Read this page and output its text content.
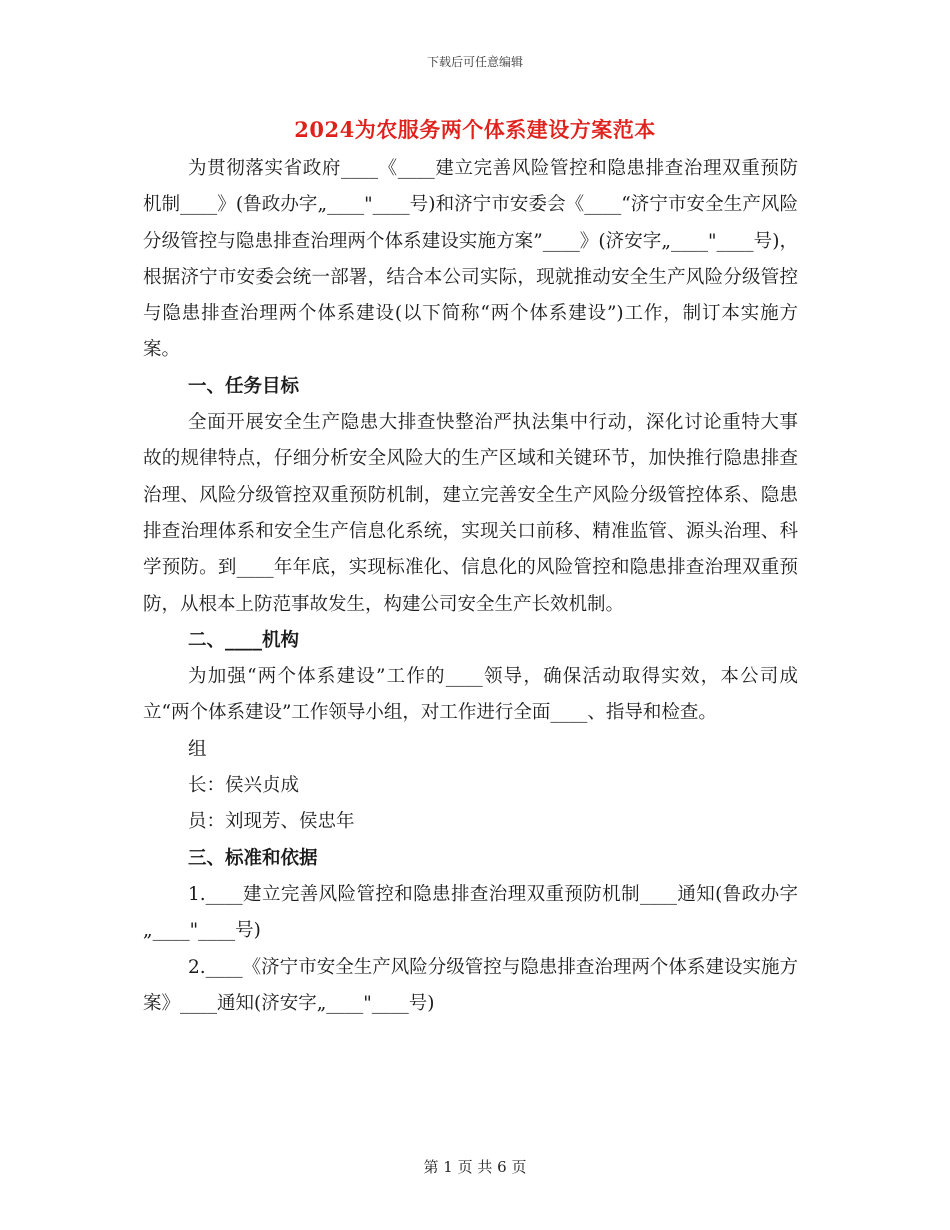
下载后可任意编辑
2024为农服务两个体系建设方案范本

为贯彻落实省政府____《____建立完善风险管控和隐患排查治理双重预防机制____》(鲁政办字„____"____号)和济宁市安委会《____“济宁市安全生产风险分级管控与隐患排查治理两个体系建设实施方案”____》(济安字„____"____号)，根据济宁市安委会统一部署，结合本公司实际，现就推动安全生产风险分级管控与隐患排查治理两个体系建设(以下简称“两个体系建设”)工作，制订本实施方案。

一、任务目标

全面开展安全生产隐患大排查快整治严执法集中行动，深化讨论重特大事故的规律特点，仔细分析安全风险大的生产区域和关键环节，加快推行隐患排查治理、风险分级管控双重预防机制，建立完善安全生产风险分级管控体系、隐患排查治理体系和安全生产信息化系统，实现关口前移、精准监管、源头治理、科学预防。到____年年底，实现标准化、信息化的风险管控和隐患排查治理双重预防，从根本上防范事故发生，构建公司安全生产长效机制。

二、____机构

为加强“两个体系建设”工作的____领导，确保活动取得实效，本公司成立“两个体系建设”工作领导小组，对工作进行全面____、指导和检查。

组

长：侯兴贞成

员：刘现芳、侯忠年

三、标准和依据

1.____建立完善风险管控和隐患排查治理双重预防机制____通知(鲁政办字„____"____号)

2.____《济宁市安全生产风险分级管控与隐患排查治理两个体系建设实施方案》____通知(济安字„____"____号)

第 1 页 共 6 页
